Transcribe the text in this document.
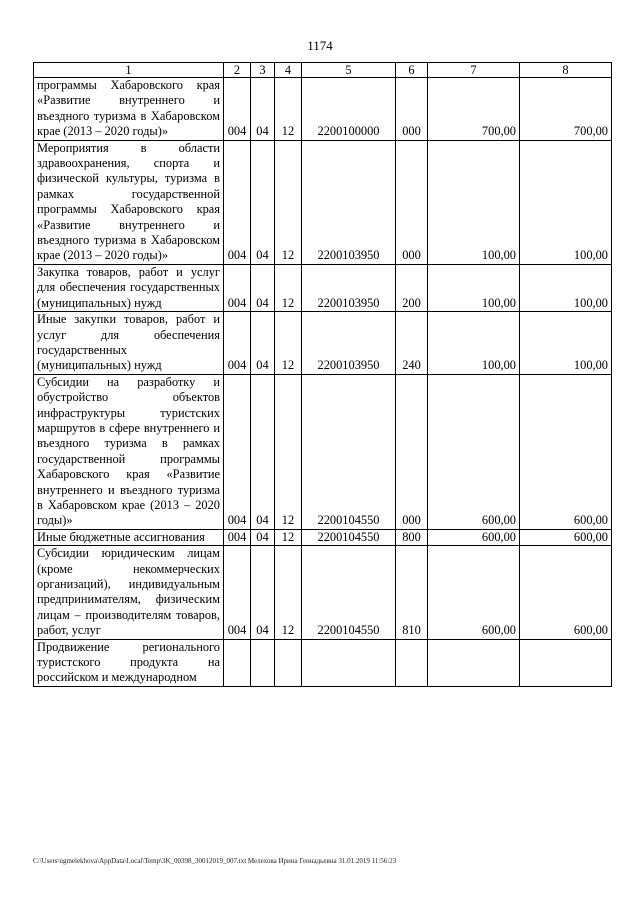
1174
1	2	3	4	5	6	7	8
программы Хабаровского края «Развитие внутреннего и въездного туризма в Хабаровском крае (2013 – 2020 годы)»	004	04	12	2200100000	000	700,00	700,00
Мероприятия в области здравоохранения, спорта и физической культуры, туризма в рамках государственной программы Хабаровского края «Развитие внутреннего и въездного туризма в Хабаровском крае (2013 – 2020 годы)»	004	04	12	2200103950	000	100,00	100,00
Закупка товаров, работ и услуг для обеспечения государственных (муниципальных) нужд	004	04	12	2200103950	200	100,00	100,00
Иные закупки товаров, работ и услуг для обеспечения государственных (муниципальных) нужд	004	04	12	2200103950	240	100,00	100,00
Субсидии на разработку и обустройство объектов инфраструктуры туристских маршрутов в сфере внутреннего и въездного туризма в рамках государственной программы Хабаровского края «Развитие внутреннего и въездного туризма в Хабаровском крае (2013 – 2020 годы)»	004	04	12	2200104550	000	600,00	600,00
Иные бюджетные ассигнования	004	04	12	2200104550	800	600,00	600,00
Субсидии юридическим лицам (кроме некоммерческих организаций), индивидуальным предпринимателям, физическим лицам – производителям товаров, работ, услуг	004	04	12	2200104550	810	600,00	600,00
Продвижение регионального туристского продукта на российском и международном							
C:\Users\ngmelekhova\AppData\Local\Temp\3K_00398_30012019_007.txt Мелехова Ирина Геннадьевна 31.01.2019 11:56:23
